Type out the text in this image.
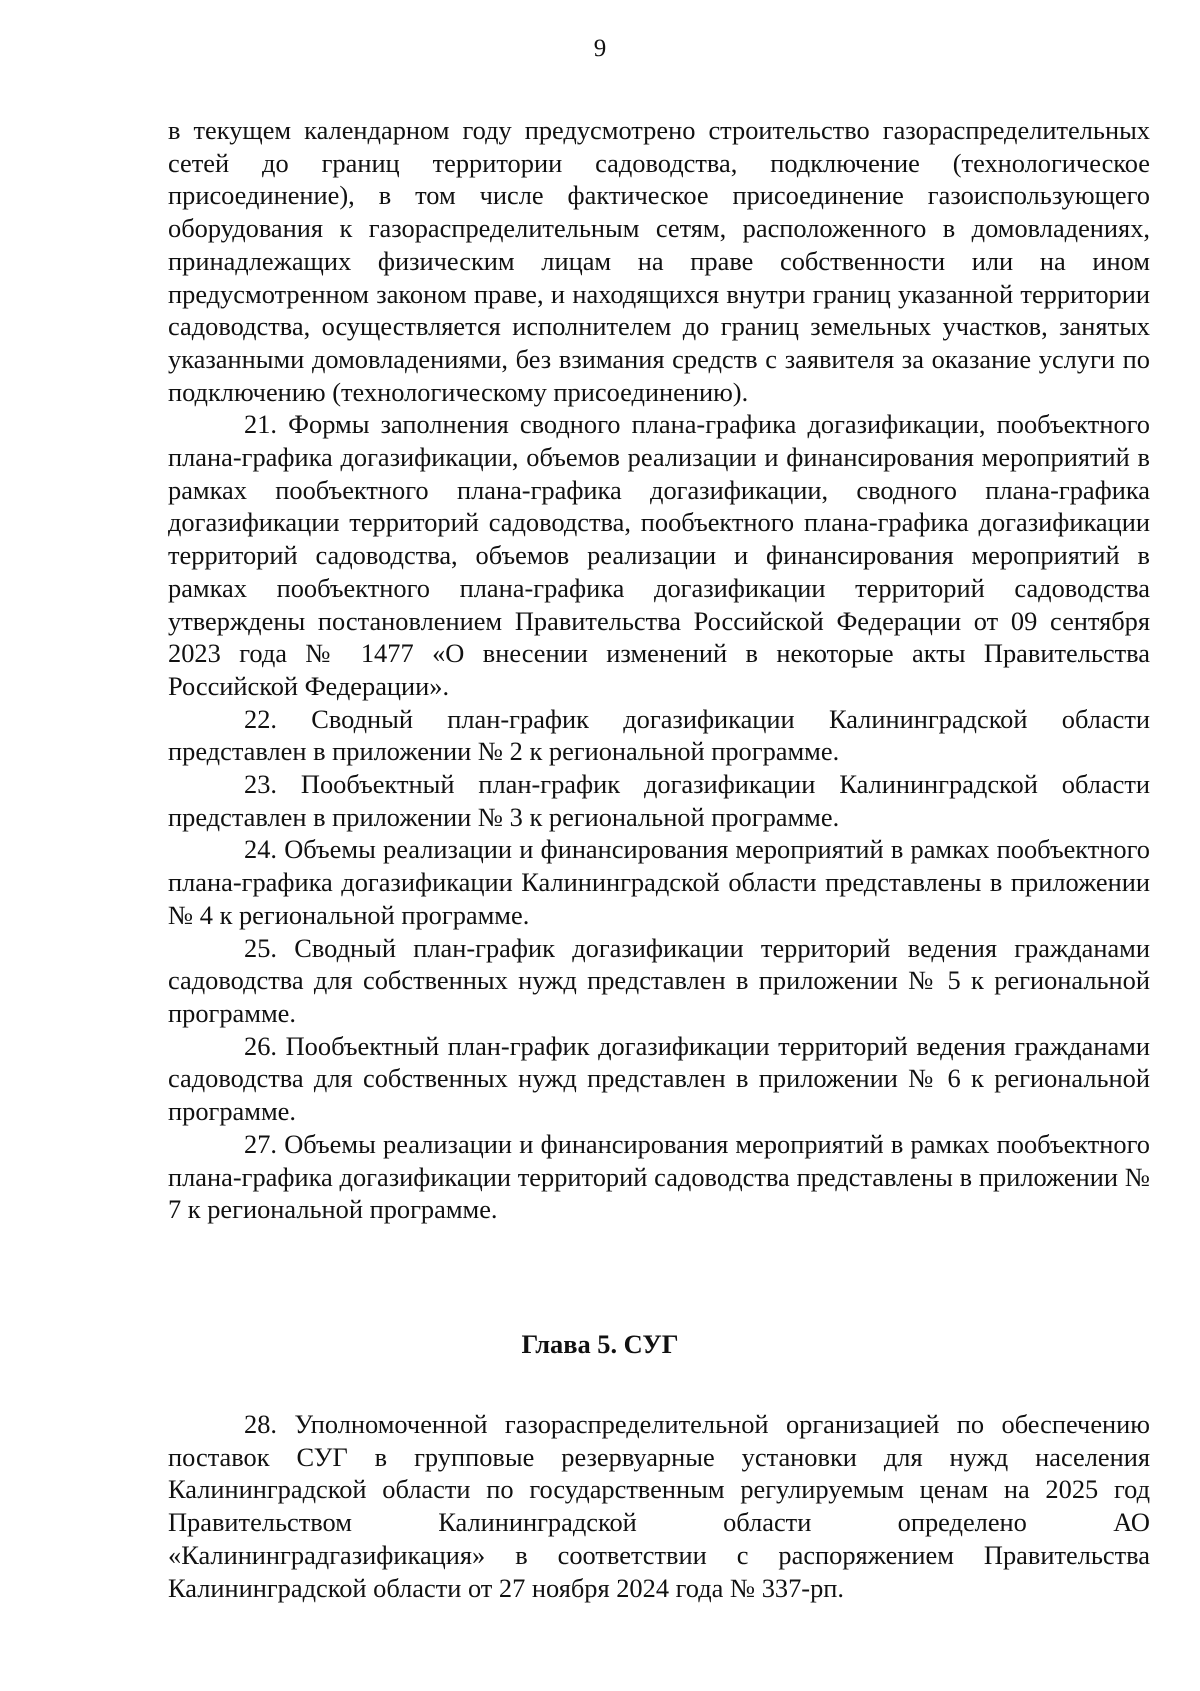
9

в текущем календарном году предусмотрено строительство газораспределительных сетей до границ территории садоводства, подключение (технологическое присоединение), в том числе фактическое присоединение газоиспользующего оборудования к газораспределительным сетям, расположенного в домовладениях, принадлежащих физическим лицам на праве собственности или на ином предусмотренном законом праве, и находящихся внутри границ указанной территории садоводства, осуществляется исполнителем до границ земельных участков, занятых указанными домовладениями, без взимания средств с заявителя за оказание услуги по подключению (технологическому присоединению).

21. Формы заполнения сводного плана-графика догазификации, пообъектного плана-графика догазификации, объемов реализации и финансирования мероприятий в рамках пообъектного плана-графика догазификации, сводного плана-графика догазификации территорий садоводства, пообъектного плана-графика догазификации территорий садоводства, объемов реализации и финансирования мероприятий в рамках пообъектного плана-графика догазификации территорий садоводства утверждены постановлением Правительства Российской Федерации от 09 сентября 2023 года № 1477 «О внесении изменений в некоторые акты Правительства Российской Федерации».

22. Сводный план-график догазификации Калининградской области представлен в приложении № 2 к региональной программе.

23. Пообъектный план-график догазификации Калининградской области представлен в приложении № 3 к региональной программе.

24. Объемы реализации и финансирования мероприятий в рамках пообъектного плана-графика догазификации Калининградской области представлены в приложении № 4 к региональной программе.

25. Сводный план-график догазификации территорий ведения гражданами садоводства для собственных нужд представлен в приложении № 5 к региональной программе.

26. Пообъектный план-график догазификации территорий ведения гражданами садоводства для собственных нужд представлен в приложении № 6 к региональной программе.

27. Объемы реализации и финансирования мероприятий в рамках пообъектного плана-графика догазификации территорий садоводства представлены в приложении № 7 к региональной программе.

Глава 5. СУГ

28. Уполномоченной газораспределительной организацией по обеспечению поставок СУГ в групповые резервуарные установки для нужд населения Калининградской области по государственным регулируемым ценам на 2025 год Правительством Калининградской области определено АО «Калининградгазификация» в соответствии с распоряжением Правительства Калининградской области от 27 ноября 2024 года № 337-рп.
